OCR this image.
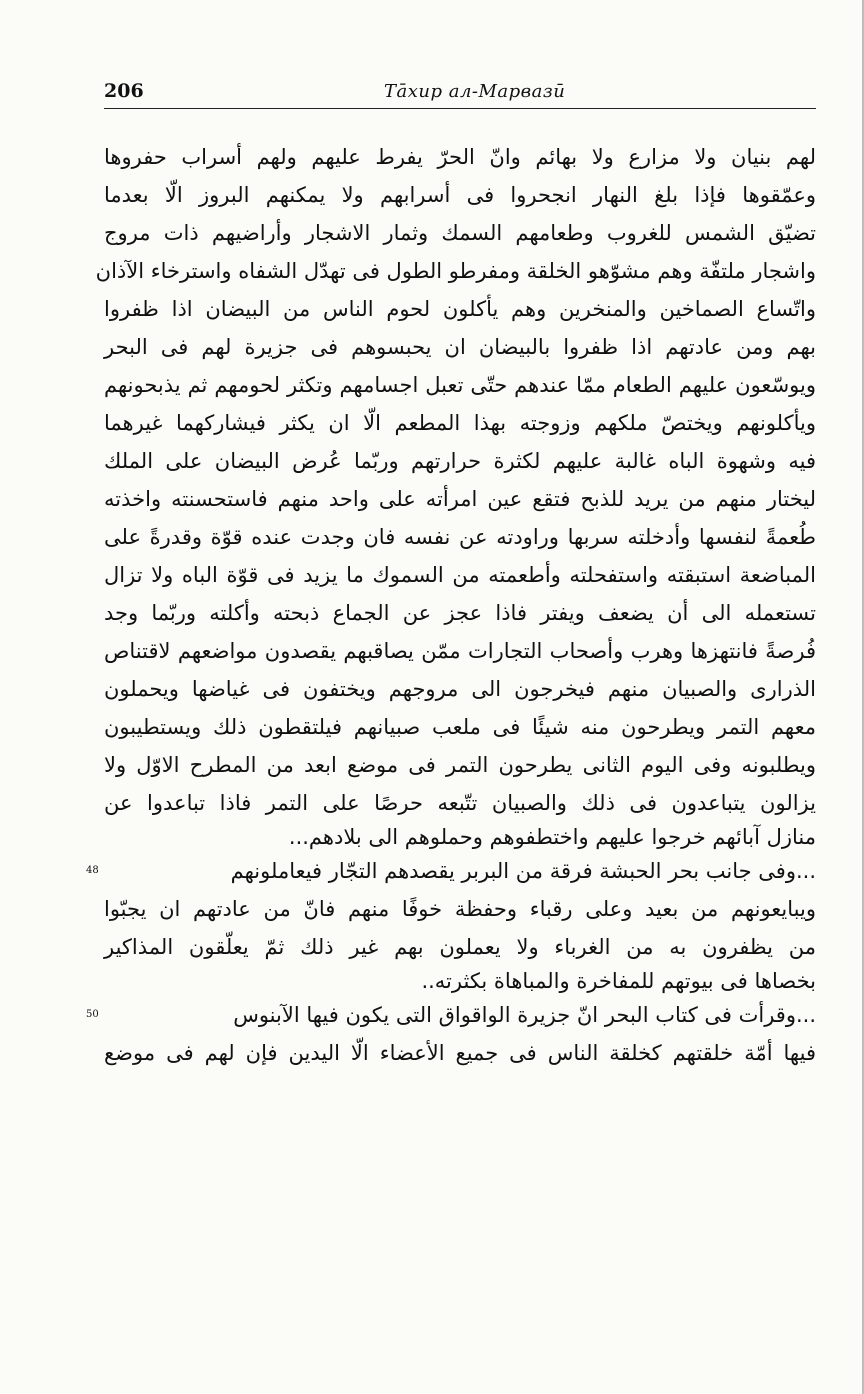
206	Тāхир ал-Марвазӣ
لهم بنيان ولا مزارع ولا بهائم وانّ الحرّ يفرط عليهم ولهم أسراب حفروها
وعمّقوها فإذا بلغ النهار انجحروا فى أسرابهم ولا يمكنهم البروز الّا بعدما
تضيّق الشمس للغروب وطعامهم السمك وثمار الاشجار وأراضيهم ذات مروج
واشجار ملتفّة وهم مشوّهو الخلقة ومفرطو الطول فى تهدّل الشفاه واسترخاء الآذان
واتّساع الصماخين والمنخرين وهم يأكلون لحوم الناس من البيضان اذا ظفروا
بهم ومن عادتهم اذا ظفروا بالبيضان ان يحبسوهم فى جزيرة لهم فى البحر
ويوسّعون عليهم الطعام ممّا عندهم حتّى تعبل اجسامهم وتكثر لحومهم ثم يذبحونهم
ويأكلونهم ويختصّ ملكهم وزوجته بهذا المطعم الّا ان يكثر فيشاركهما غيرهما
فيه وشهوة الباه غالبة عليهم لكثرة حرارتهم وربّما عُرض البيضان على الملك
ليختار منهم من يريد للذبح فتقع عين امرأته على واحد منهم فاستحسنته واخذته
طُعمةً لنفسها وأدخلته سربها وراودته عن نفسه فان وجدت عنده قوّة وقدرةً على
المباضعة استبقته واستفحلته وأطعمته من السموك ما يزيد فى قوّة الباه ولا تزال
تستعمله الى أن يضعف ويفتر فاذا عجز عن الجماع ذبحته وأكلته وربّما وجد
فُرصةً فانتهزها وهرب وأصحاب التجارات ممّن يصاقبهم يقصدون مواضعهم لاقتناص
الذرارى والصبيان منهم فيخرجون الى مروجهم ويختفون فى غياضها ويحملون
معهم التمر ويطرحون منه شيئًا فى ملعب صبيانهم فيلتقطون ذلك ويستطيبون
ويطلبونه وفى اليوم الثانى يطرحون التمر فى موضع ابعد من المطرح الاوّل ولا
يزالون يتباعدون فى ذلك والصبيان تتّبعه حرصًا على التمر فاذا تباعدوا عن
منازل آبائهم خرجوا عليهم واختطفوهم وحملوهم الى بلادهم...
...وفى جانب بحر الحبشة فرقة من البربر يقصدهم التجّار فيعاملونهم
48
ويبايعونهم من بعيد وعلى رقباء وحفظة خوفًا منهم فانّ من عادتهم ان يجبّوا
من يظفرون به من الغرباء ولا يعملون بهم غير ذلك ثمّ يعلّقون المذاكير
بخصاها فى بيوتهم للمفاخرة والمباهاة بكثرته..
...وقرأت فى كتاب البحر انّ جزيرة الواقواق التى يكون فيها الآبنوس
50
فيها أمّة خلقتهم كخلقة الناس فى جميع الأعضاء الّا اليدين فإن لهم فى موضع
